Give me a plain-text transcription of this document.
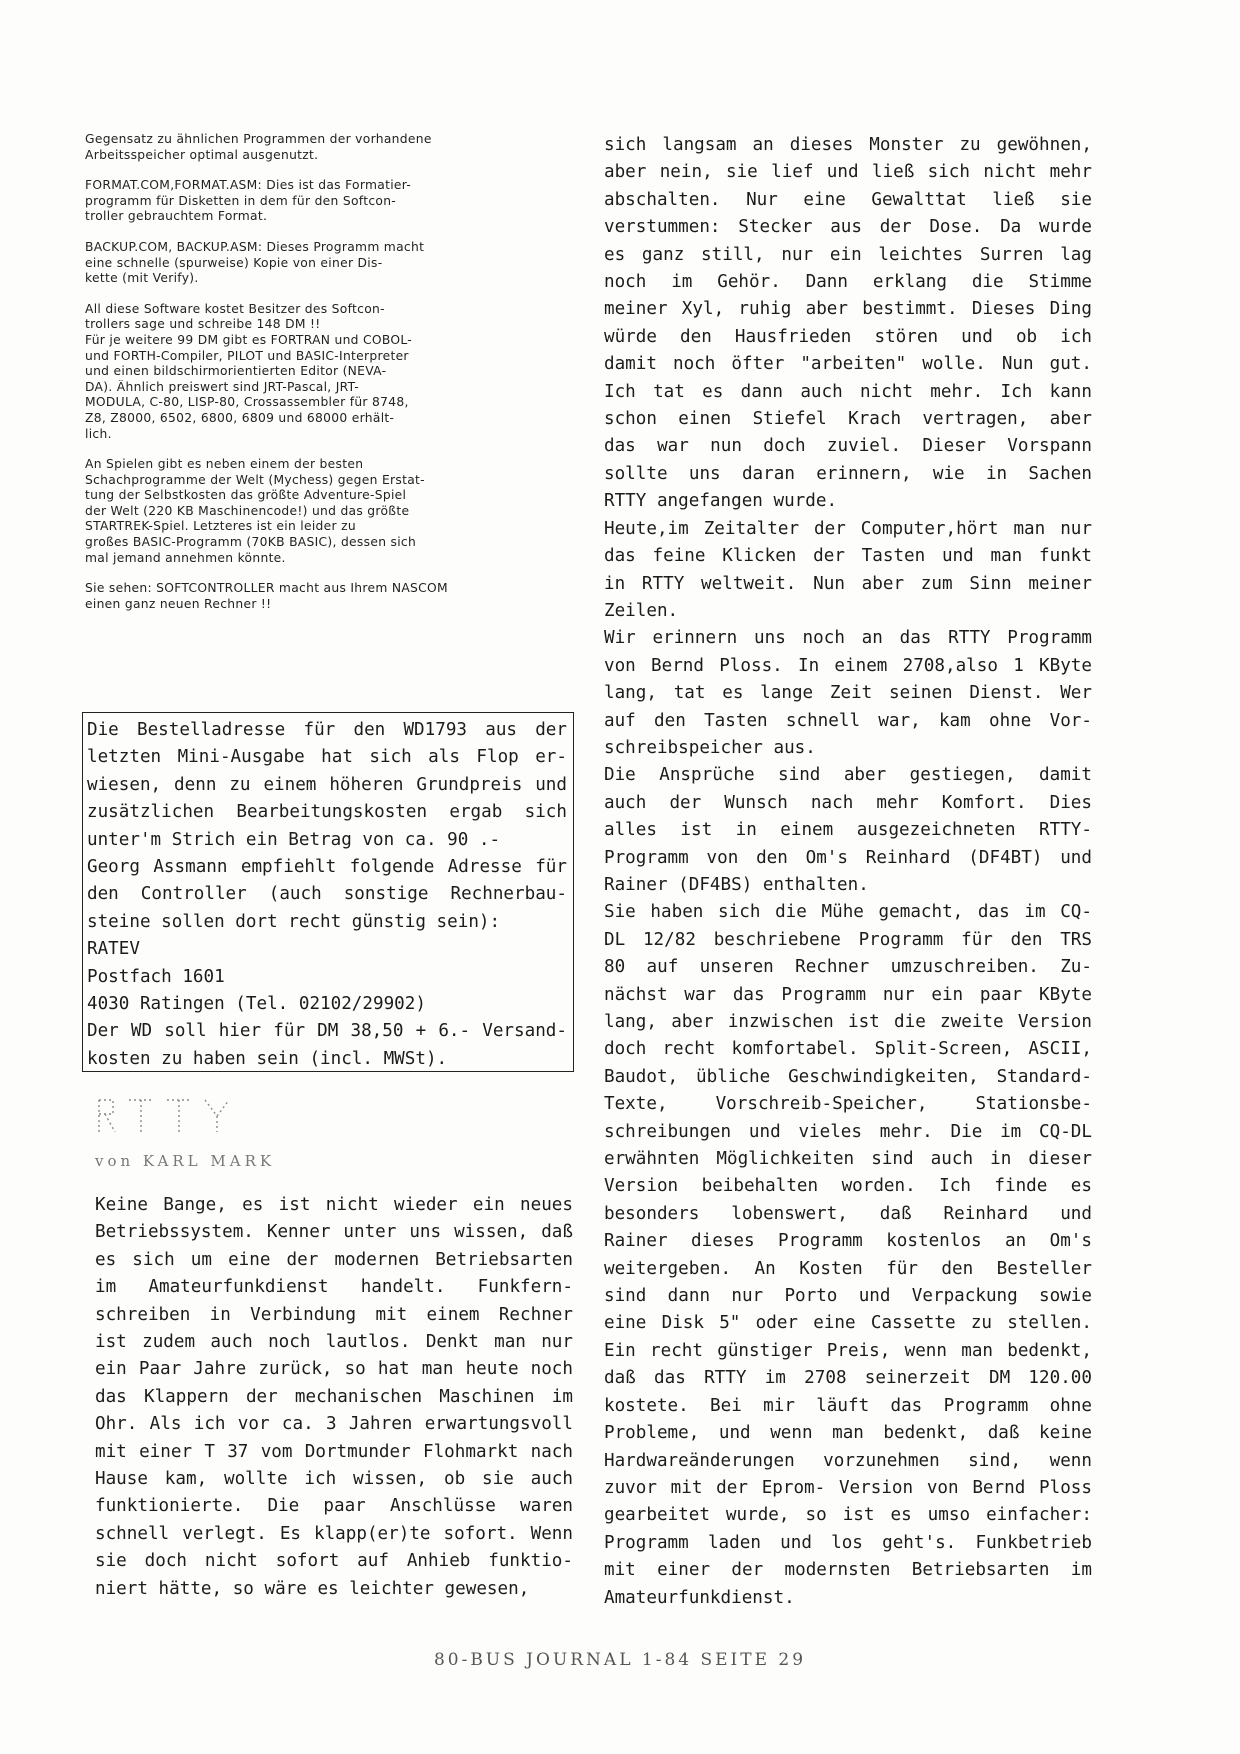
Gegensatz zu ähnlichen Programmen der vorhandene
Arbeitsspeicher optimal ausgenutzt.

FORMAT.COM,FORMAT.ASM: Dies ist das Formatier-
programm für Disketten in dem für den Softcon-
troller gebrauchtem Format.

BACKUP.COM, BACKUP.ASM: Dieses Programm macht
eine schnelle (spurweise) Kopie von einer Dis-
kette (mit Verify).

All diese Software kostet Besitzer des Softcon-
trollers sage und schreibe 148 DM !!
Für je weitere 99 DM gibt es FORTRAN und COBOL-
und FORTH-Compiler, PILOT und BASIC-Interpreter
und einen bildschirmorientierten Editor (NEVA-
DA). Ähnlich preiswert sind JRT-Pascal, JRT-
MODULA, C-80, LISP-80, Crossassembler für 8748,
Z8, Z8000, 6502, 6800, 6809 und 68000 erhält-
lich.

An Spielen gibt es neben einem der besten
Schachprogramme der Welt (Mychess) gegen Erstat-
tung der Selbstkosten das größte Adventure-Spiel
der Welt (220 KB Maschinencode!) und das größte
STARTREK-Spiel. Letzteres ist ein leider zu
großes BASIC-Programm (70KB BASIC), dessen sich
mal jemand annehmen könnte.

Sie sehen: SOFTCONTROLLER macht aus Ihrem NASCOM
einen ganz neuen Rechner !!

Die Bestelladresse für den WD1793 aus der
letzten Mini-Ausgabe hat sich als Flop er-
wiesen, denn zu einem höheren Grundpreis und
zusätzlichen Bearbeitungskosten ergab sich
unter'm Strich ein Betrag von ca. 90 .-
Georg Assmann empfiehlt folgende Adresse für
den Controller (auch sonstige Rechnerbau-
steine sollen dort recht günstig sein):
RATEV
Postfach 1601
4030 Ratingen (Tel. 02102/29902)
Der WD soll hier für DM 38,50 + 6.- Versand-
kosten zu haben sein (incl. MWSt).
von KARL MARK
Keine Bange, es ist nicht wieder ein neues
Betriebssystem. Kenner unter uns wissen, daß
es sich um eine der modernen Betriebsarten
im Amateurfunkdienst handelt. Funkfern-
schreiben in Verbindung mit einem Rechner
ist zudem auch noch lautlos. Denkt man nur
ein Paar Jahre zurück, so hat man heute noch
das Klappern der mechanischen Maschinen im
Ohr. Als ich vor ca. 3 Jahren erwartungsvoll
mit einer T 37 vom Dortmunder Flohmarkt nach
Hause kam, wollte ich wissen, ob sie auch
funktionierte. Die paar Anschlüsse waren
schnell verlegt. Es klapp(er)te sofort. Wenn
sie doch nicht sofort auf Anhieb funktio-
niert hätte, so wäre es leichter gewesen,
sich langsam an dieses Monster zu gewöhnen,
aber nein, sie lief und ließ sich nicht mehr
abschalten. Nur eine Gewalttat ließ sie
verstummen: Stecker aus der Dose. Da wurde
es ganz still, nur ein leichtes Surren lag
noch im Gehör. Dann erklang die Stimme
meiner Xyl, ruhig aber bestimmt. Dieses Ding
würde den Hausfrieden stören und ob ich
damit noch öfter "arbeiten" wolle. Nun gut.
Ich tat es dann auch nicht mehr. Ich kann
schon einen Stiefel Krach vertragen, aber
das war nun doch zuviel. Dieser Vorspann
sollte uns daran erinnern, wie in Sachen
RTTY angefangen wurde.
Heute,im Zeitalter der Computer,hört man nur
das feine Klicken der Tasten und man funkt
in RTTY weltweit. Nun aber zum Sinn meiner
Zeilen.
Wir erinnern uns noch an das RTTY Programm
von Bernd Ploss. In einem 2708,also 1 KByte
lang, tat es lange Zeit seinen Dienst. Wer
auf den Tasten schnell war, kam ohne Vor-
schreibspeicher aus.
Die Ansprüche sind aber gestiegen, damit
auch der Wunsch nach mehr Komfort. Dies
alles ist in einem ausgezeichneten RTTY-
Programm von den Om's Reinhard (DF4BT) und
Rainer (DF4BS) enthalten.
Sie haben sich die Mühe gemacht, das im CQ-
DL 12/82 beschriebene Programm für den TRS
80 auf unseren Rechner umzuschreiben. Zu-
nächst war das Programm nur ein paar KByte
lang, aber inzwischen ist die zweite Version
doch recht komfortabel. Split-Screen, ASCII,
Baudot, übliche Geschwindigkeiten, Standard-
Texte, Vorschreib-Speicher, Stationsbe-
schreibungen und vieles mehr. Die im CQ-DL
erwähnten Möglichkeiten sind auch in dieser
Version beibehalten worden. Ich finde es
besonders lobenswert, daß Reinhard und
Rainer dieses Programm kostenlos an Om's
weitergeben. An Kosten für den Besteller
sind dann nur Porto und Verpackung sowie
eine Disk 5" oder eine Cassette zu stellen.
Ein recht günstiger Preis, wenn man bedenkt,
daß das RTTY im 2708 seinerzeit DM 120.00
kostete. Bei mir läuft das Programm ohne
Probleme, und wenn man bedenkt, daß keine
Hardwareänderungen vorzunehmen sind, wenn
zuvor mit der Eprom- Version von Bernd Ploss
gearbeitet wurde, so ist es umso einfacher:
Programm laden und los geht's. Funkbetrieb
mit einer der modernsten Betriebsarten im
Amateurfunkdienst.
80-BUS JOURNAL 1-84 SEITE 29
